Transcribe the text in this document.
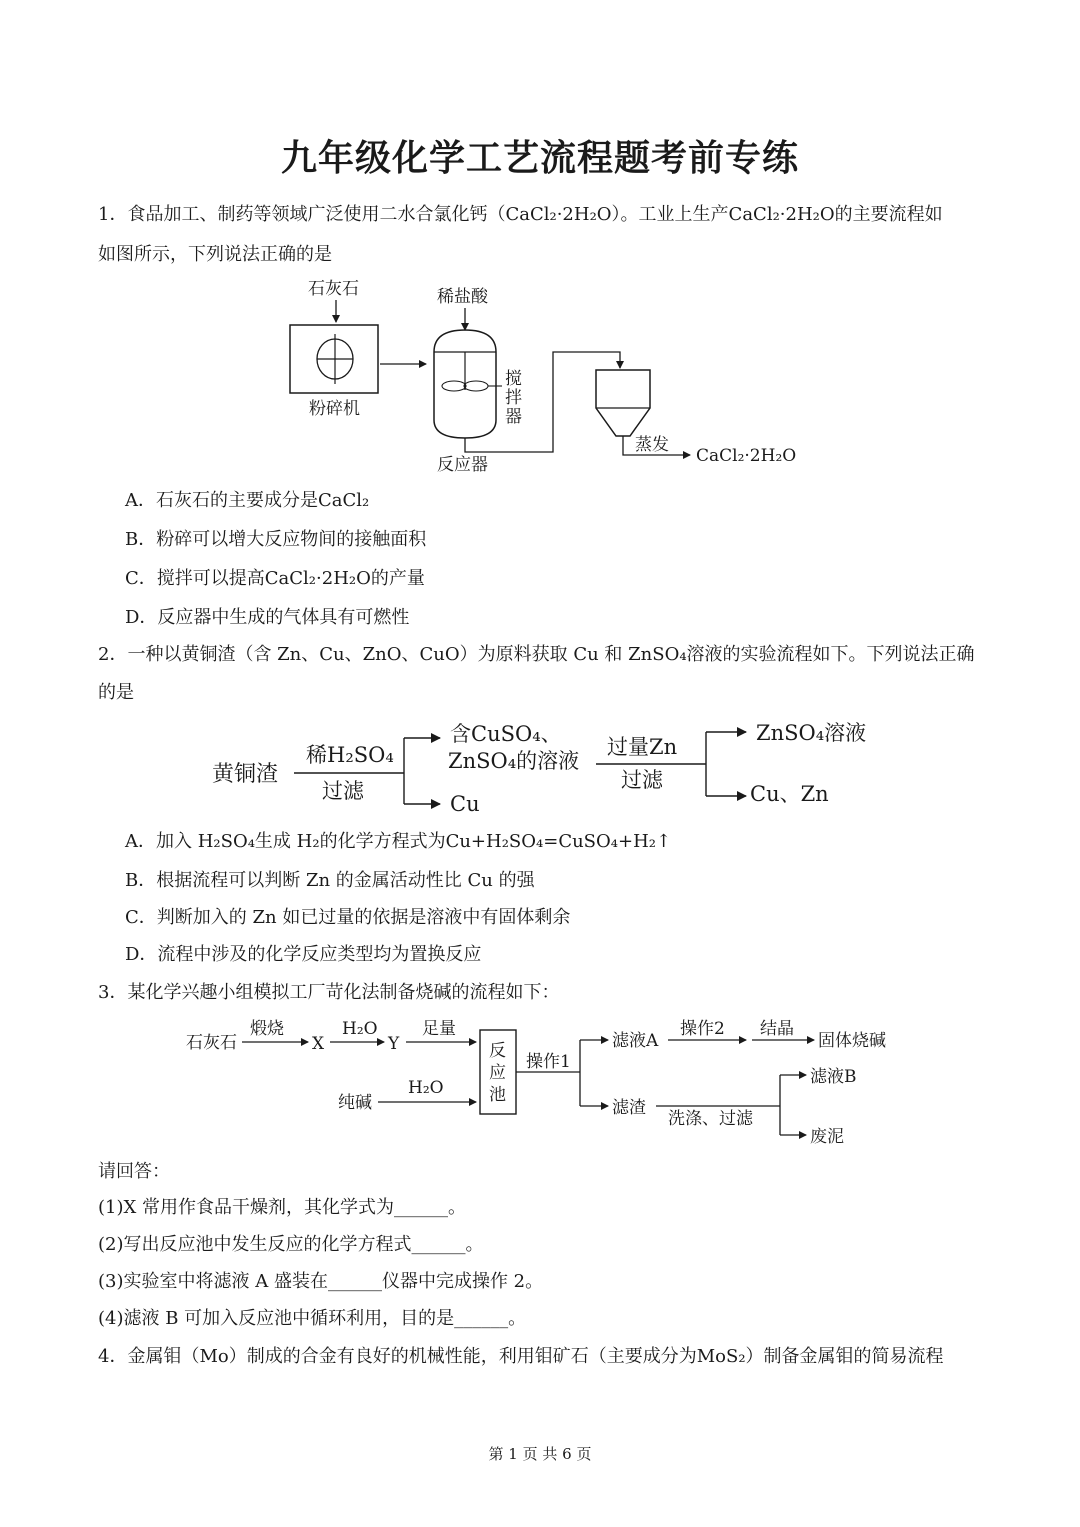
九年级化学工艺流程题考前专练
1．食品加工、制药等领域广泛使用二水合氯化钙（CaCl₂·2H₂O）。工业上生产CaCl₂·2H₂O的主要流程如
如图所示，下列说法正确的是
石灰石
粉碎机
稀盐酸
搅
拌
器
反应器
蒸发
CaCl₂·2H₂O
A．石灰石的主要成分是CaCl₂
B．粉碎可以增大反应物间的接触面积
C．搅拌可以提高CaCl₂·2H₂O的产量
D．反应器中生成的气体具有可燃性
2．一种以黄铜渣（含 Zn、Cu、ZnO、CuO）为原料获取 Cu 和 ZnSO₄溶液的实验流程如下。下列说法正确
的是
黄铜渣
稀H₂SO₄
过滤
含CuSO₄、
ZnSO₄的溶液
Cu
过量Zn
过滤
ZnSO₄溶液
Cu、Zn
A．加入 H₂SO₄生成 H₂的化学方程式为Cu+H₂SO₄=CuSO₄+H₂↑
B．根据流程可以判断 Zn 的金属活动性比 Cu 的强
C．判断加入的 Zn 如已过量的依据是溶液中有固体剩余
D．流程中涉及的化学反应类型均为置换反应
3．某化学兴趣小组模拟工厂苛化法制备烧碱的流程如下：
石灰石
煅烧
X
H₂O
Y
足量
反
应
池
纯碱
H₂O
操作1
滤液A
操作2 结晶
固体烧碱
滤渣
洗涤、过滤
滤液B
废泥
请回答：
(1)X 常用作食品干燥剂，其化学式为______。
(2)写出反应池中发生反应的化学方程式______。
(3)实验室中将滤液 A 盛装在______仪器中完成操作 2。
(4)滤液 B 可加入反应池中循环利用，目的是______。
4．金属钼（Mo）制成的合金有良好的机械性能，利用钼矿石（主要成分为MoS₂）制备金属钼的简易流程
第 1 页 共 6 页
